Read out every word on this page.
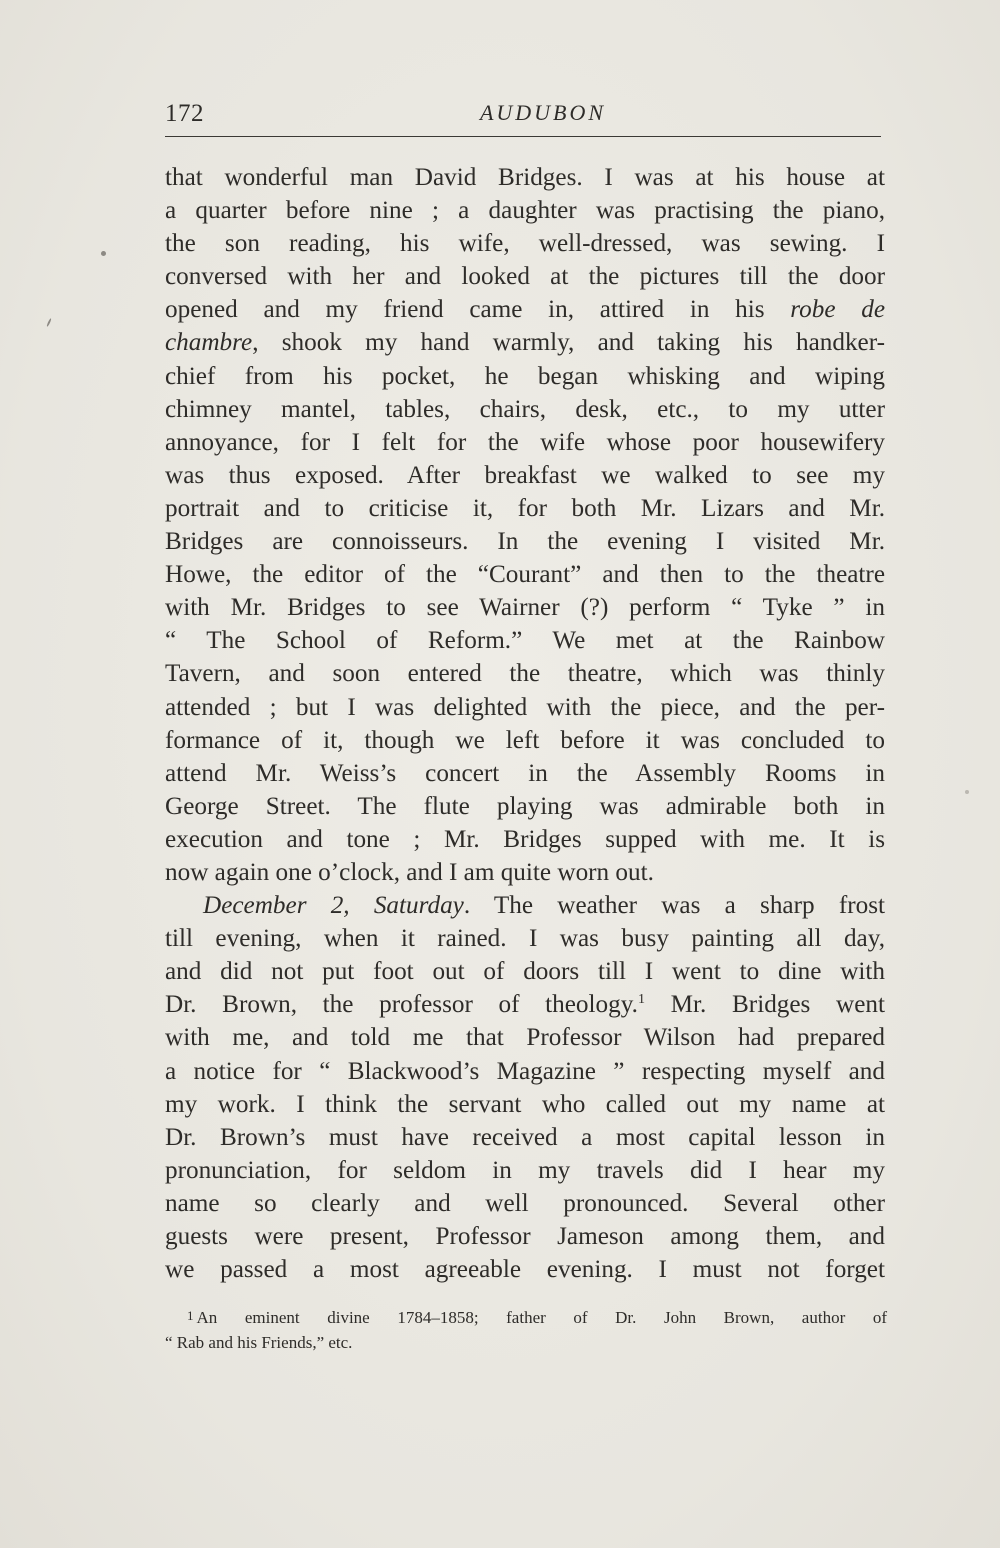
172	AUDUBON
that wonderful man David Bridges. I was at his house at
a quarter before nine ; a daughter was practising the piano,
the son reading, his wife, well-dressed, was sewing. I
conversed with her and looked at the pictures till the door
opened and my friend came in, attired in his robe de
chambre, shook my hand warmly, and taking his handker-
chief from his pocket, he began whisking and wiping
chimney mantel, tables, chairs, desk, etc., to my utter
annoyance, for I felt for the wife whose poor housewifery
was thus exposed. After breakfast we walked to see my
portrait and to criticise it, for both Mr. Lizars and Mr.
Bridges are connoisseurs. In the evening I visited Mr.
Howe, the editor of the “Courant” and then to the theatre
with Mr. Bridges to see Wairner (?) perform “ Tyke ” in
“ The School of Reform.” We met at the Rainbow
Tavern, and soon entered the theatre, which was thinly
attended ; but I was delighted with the piece, and the per-
formance of it, though we left before it was concluded to
attend Mr. Weiss’s concert in the Assembly Rooms in
George Street. The flute playing was admirable both in
execution and tone ; Mr. Bridges supped with me. It is
now again one o’clock, and I am quite worn out.
December 2, Saturday. The weather was a sharp frost
till evening, when it rained. I was busy painting all day,
and did not put foot out of doors till I went to dine with
Dr. Brown, the professor of theology.$^1$ Mr. Bridges went
with me, and told me that Professor Wilson had prepared
a notice for “ Blackwood’s Magazine ” respecting myself and
my work. I think the servant who called out my name at
Dr. Brown’s must have received a most capital lesson in
pronunciation, for seldom in my travels did I hear my
name so clearly and well pronounced. Several other
guests were present, Professor Jameson among them, and
we passed a most agreeable evening. I must not forget
1 An eminent divine 1784–1858; father of Dr. John Brown, author of
“ Rab and his Friends,” etc.
